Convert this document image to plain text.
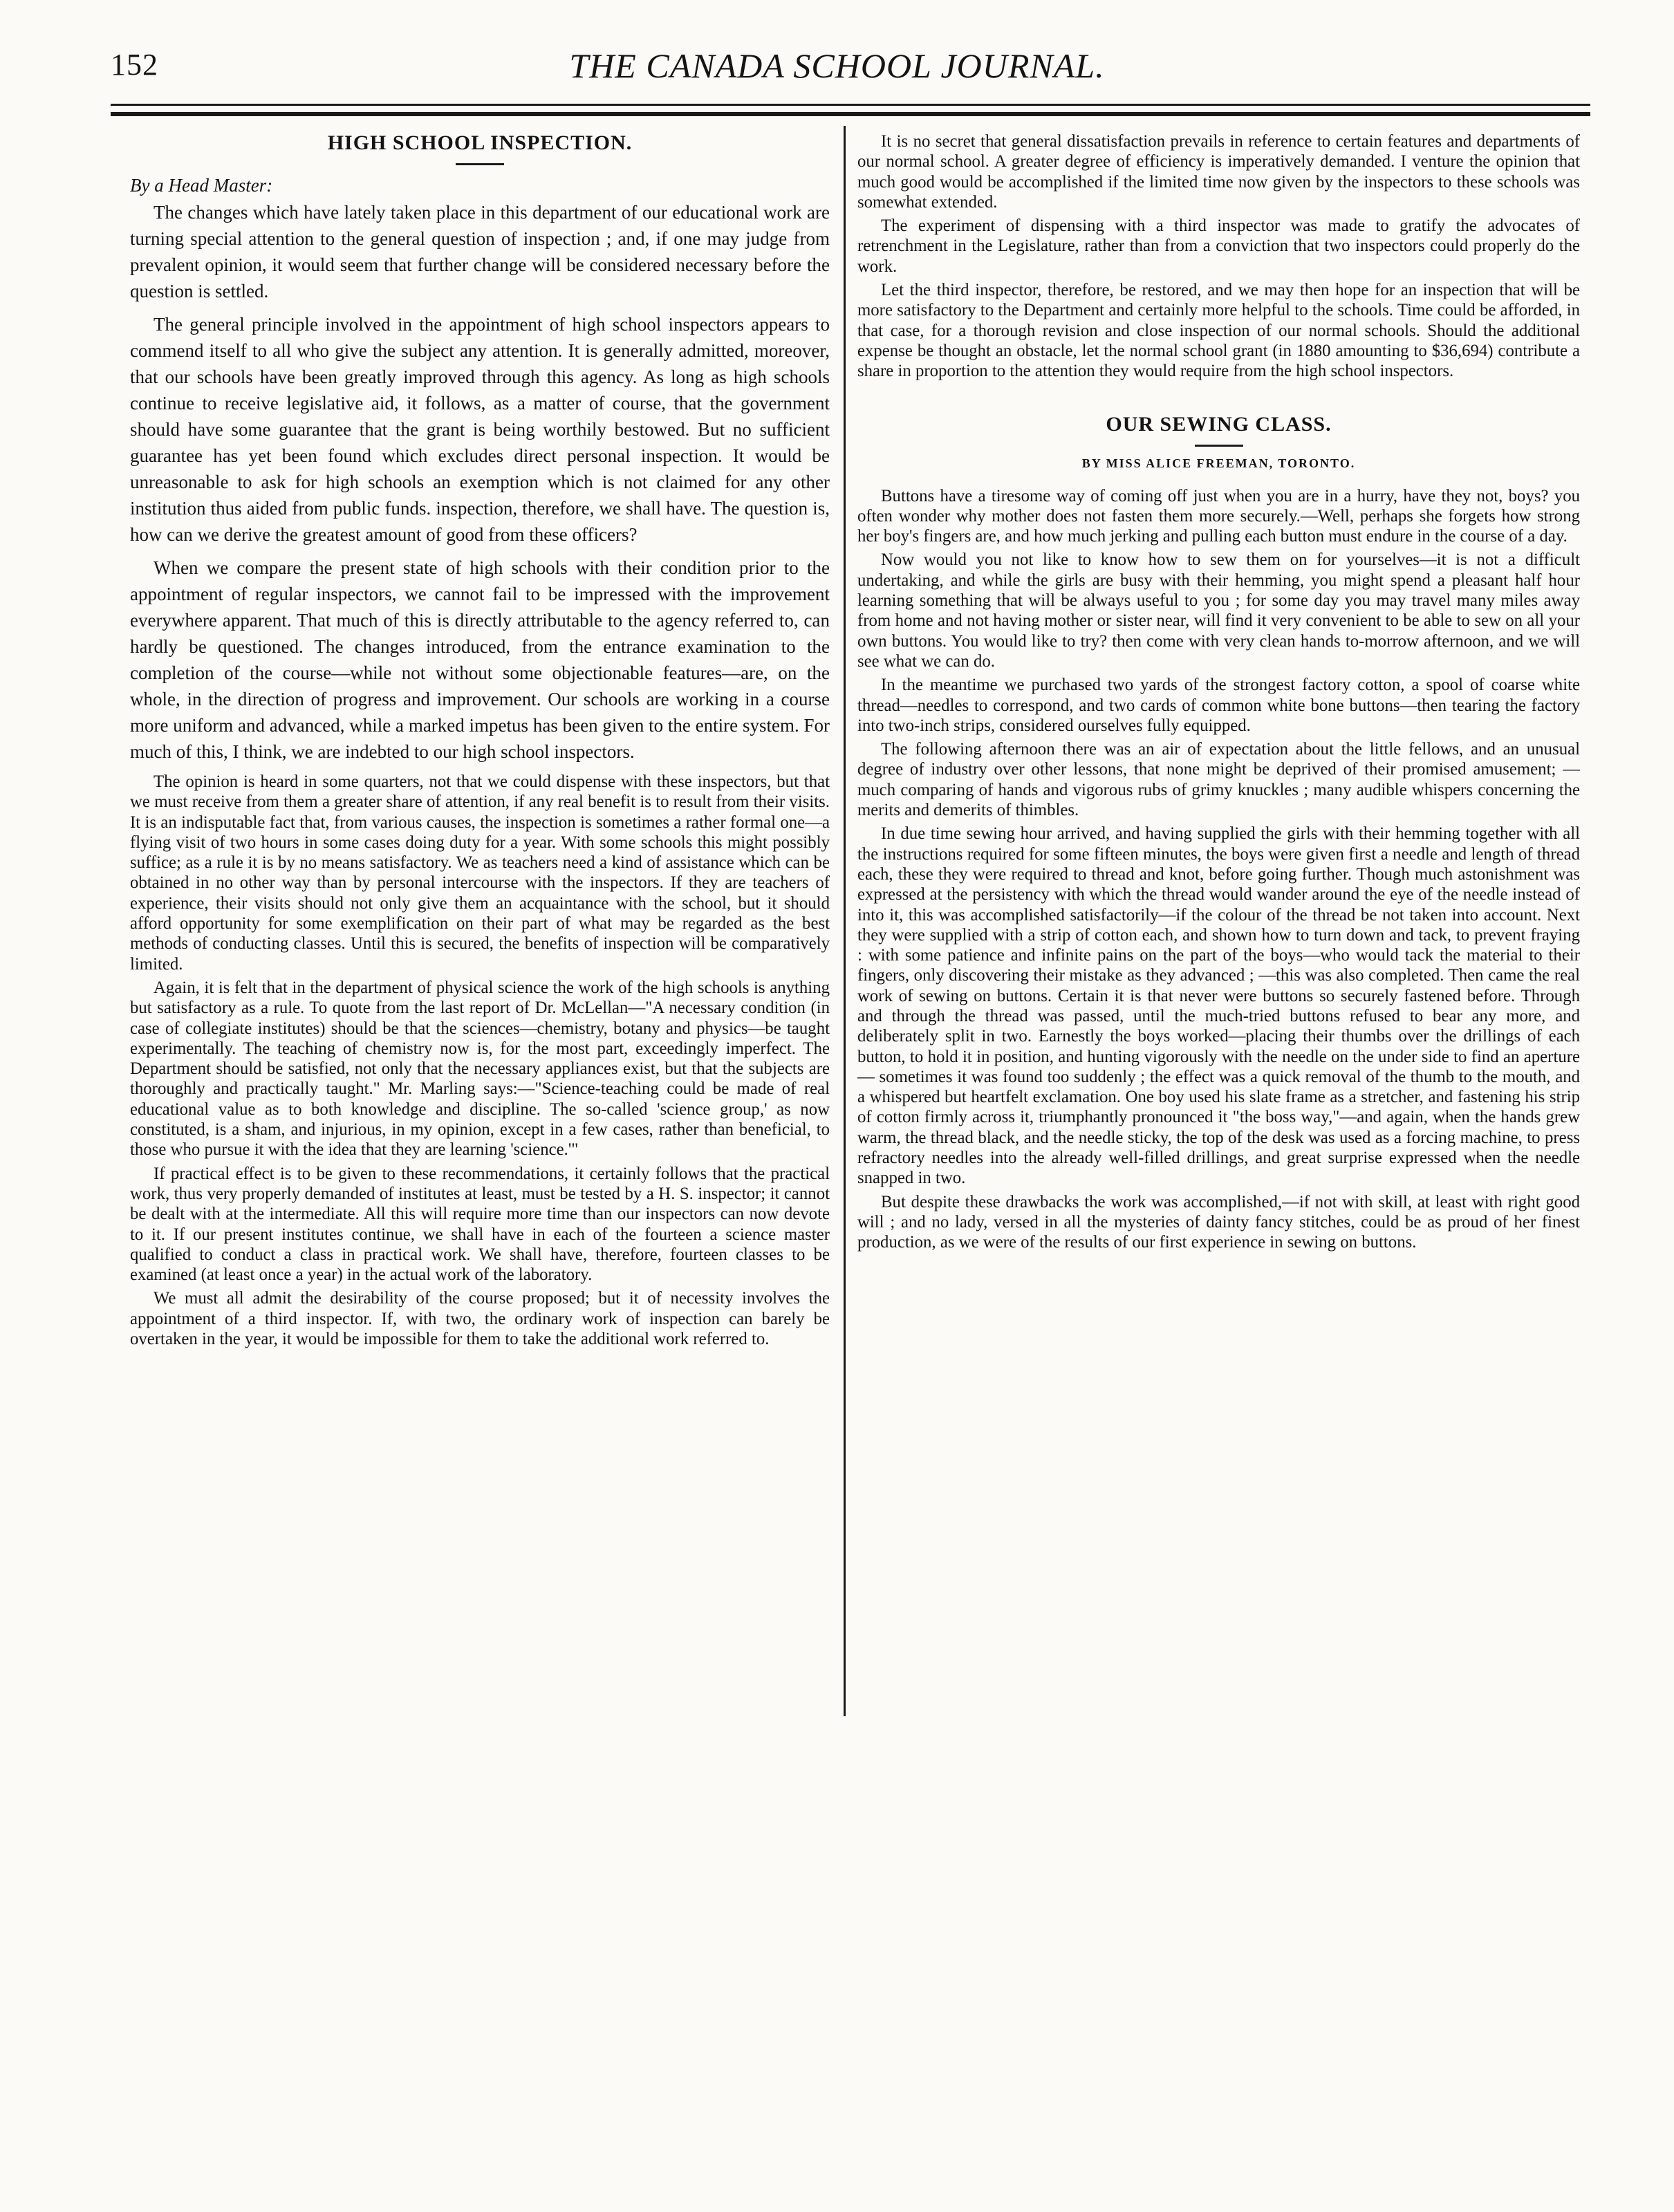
152	THE CANADA SCHOOL JOURNAL.
HIGH SCHOOL INSPECTION.

By a Head Master:

The changes which have lately taken place in this department of our educational work are turning special attention to the general question of inspection ; and, if one may judge from prevalent opinion, it would seem that further change will be considered necessary before the question is settled.

The general principle involved in the appointment of high school inspectors appears to commend itself to all who give the subject any attention. It is generally admitted, moreover, that our schools have been greatly improved through this agency. As long as high schools continue to receive legislative aid, it follows, as a matter of course, that the government should have some guarantee that the grant is being worthily bestowed. But no sufficient guarantee has yet been found which excludes direct personal inspection. It would be unreasonable to ask for high schools an exemption which is not claimed for any other institution thus aided from public funds. inspection, therefore, we shall have. The question is, how can we derive the greatest amount of good from these officers?

When we compare the present state of high schools with their condition prior to the appointment of regular inspectors, we cannot fail to be impressed with the improvement everywhere apparent. That much of this is directly attributable to the agency referred to, can hardly be questioned. The changes introduced, from the entrance examination to the completion of the course—while not without some objectionable features—are, on the whole, in the direction of progress and improvement. Our schools are working in a course more uniform and advanced, while a marked impetus has been given to the entire system. For much of this, I think, we are indebted to our high school inspectors.

The opinion is heard in some quarters, not that we could dispense with these inspectors, but that we must receive from them a greater share of attention, if any real benefit is to result from their visits. It is an indisputable fact that, from various causes, the inspection is sometimes a rather formal one—a flying visit of two hours in some cases doing duty for a year. With some schools this might possibly suffice; as a rule it is by no means satisfactory. We as teachers need a kind of assistance which can be obtained in no other way than by personal intercourse with the inspectors. If they are teachers of experience, their visits should not only give them an acquaintance with the school, but it should afford opportunity for some exemplification on their part of what may be regarded as the best methods of conducting classes. Until this is secured, the benefits of inspection will be comparatively limited.

Again, it is felt that in the department of physical science the work of the high schools is anything but satisfactory as a rule. To quote from the last report of Dr. McLellan—"A necessary condition (in case of collegiate institutes) should be that the sciences—chemistry, botany and physics—be taught experimentally. The teaching of chemistry now is, for the most part, exceedingly imperfect. The Department should be satisfied, not only that the necessary appliances exist, but that the subjects are thoroughly and practically taught." Mr. Marling says:—"Science-teaching could be made of real educational value as to both knowledge and discipline. The so-called 'science group,' as now constituted, is a sham, and injurious, in my opinion, except in a few cases, rather than beneficial, to those who pursue it with the idea that they are learning 'science.'"

If practical effect is to be given to these recommendations, it certainly follows that the practical work, thus very properly demanded of institutes at least, must be tested by a H. S. inspector; it cannot be dealt with at the intermediate. All this will require more time than our inspectors can now devote to it. If our present institutes continue, we shall have in each of the fourteen a science master qualified to conduct a class in practical work. We shall have, therefore, fourteen classes to be examined (at least once a year) in the actual work of the laboratory.

We must all admit the desirability of the course proposed; but it of necessity involves the appointment of a third inspector. If, with two, the ordinary work of inspection can barely be overtaken in the year, it would be impossible for them to take the additional work referred to.

It is no secret that general dissatisfaction prevails in reference to certain features and departments of our normal school. A greater degree of efficiency is imperatively demanded. I venture the opinion that much good would be accomplished if the limited time now given by the inspectors to these schools was somewhat extended.

The experiment of dispensing with a third inspector was made to gratify the advocates of retrenchment in the Legislature, rather than from a conviction that two inspectors could properly do the work.

Let the third inspector, therefore, be restored, and we may then hope for an inspection that will be more satisfactory to the Department and certainly more helpful to the schools. Time could be afforded, in that case, for a thorough revision and close inspection of our normal schools. Should the additional expense be thought an obstacle, let the normal school grant (in 1880 amounting to $36,694) contribute a share in proportion to the attention they would require from the high school inspectors.

OUR SEWING CLASS.

BY MISS ALICE FREEMAN, TORONTO.

Buttons have a tiresome way of coming off just when you are in a hurry, have they not, boys? you often wonder why mother does not fasten them more securely.—Well, perhaps she forgets how strong her boy's fingers are, and how much jerking and pulling each button must endure in the course of a day.

Now would you not like to know how to sew them on for yourselves—it is not a difficult undertaking, and while the girls are busy with their hemming, you might spend a pleasant half hour learning something that will be always useful to you ; for some day you may travel many miles away from home and not having mother or sister near, will find it very convenient to be able to sew on all your own buttons. You would like to try? then come with very clean hands to-morrow afternoon, and we will see what we can do.

In the meantime we purchased two yards of the strongest factory cotton, a spool of coarse white thread—needles to correspond, and two cards of common white bone buttons—then tearing the factory into two-inch strips, considered ourselves fully equipped.

The following afternoon there was an air of expectation about the little fellows, and an unusual degree of industry over other lessons, that none might be deprived of their promised amusement; —much comparing of hands and vigorous rubs of grimy knuckles ; many audible whispers concerning the merits and demerits of thimbles.

In due time sewing hour arrived, and having supplied the girls with their hemming together with all the instructions required for some fifteen minutes, the boys were given first a needle and length of thread each, these they were required to thread and knot, before going further. Though much astonishment was expressed at the persistency with which the thread would wander around the eye of the needle instead of into it, this was accomplished satisfactorily—if the colour of the thread be not taken into account. Next they were supplied with a strip of cotton each, and shown how to turn down and tack, to prevent fraying : with some patience and infinite pains on the part of the boys—who would tack the material to their fingers, only discovering their mistake as they advanced ; —this was also completed. Then came the real work of sewing on buttons. Certain it is that never were buttons so securely fastened before. Through and through the thread was passed, until the much-tried buttons refused to bear any more, and deliberately split in two. Earnestly the boys worked—placing their thumbs over the drillings of each button, to hold it in position, and hunting vigorously with the needle on the under side to find an aperture — sometimes it was found too suddenly ; the effect was a quick removal of the thumb to the mouth, and a whispered but heartfelt exclamation. One boy used his slate frame as a stretcher, and fastening his strip of cotton firmly across it, triumphantly pronounced it "the boss way,"—and again, when the hands grew warm, the thread black, and the needle sticky, the top of the desk was used as a forcing machine, to press refractory needles into the already well-filled drillings, and great surprise expressed when the needle snapped in two.

But despite these drawbacks the work was accomplished,—if not with skill, at least with right good will ; and no lady, versed in all the mysteries of dainty fancy stitches, could be as proud of her finest production, as we were of the results of our first experience in sewing on buttons.
